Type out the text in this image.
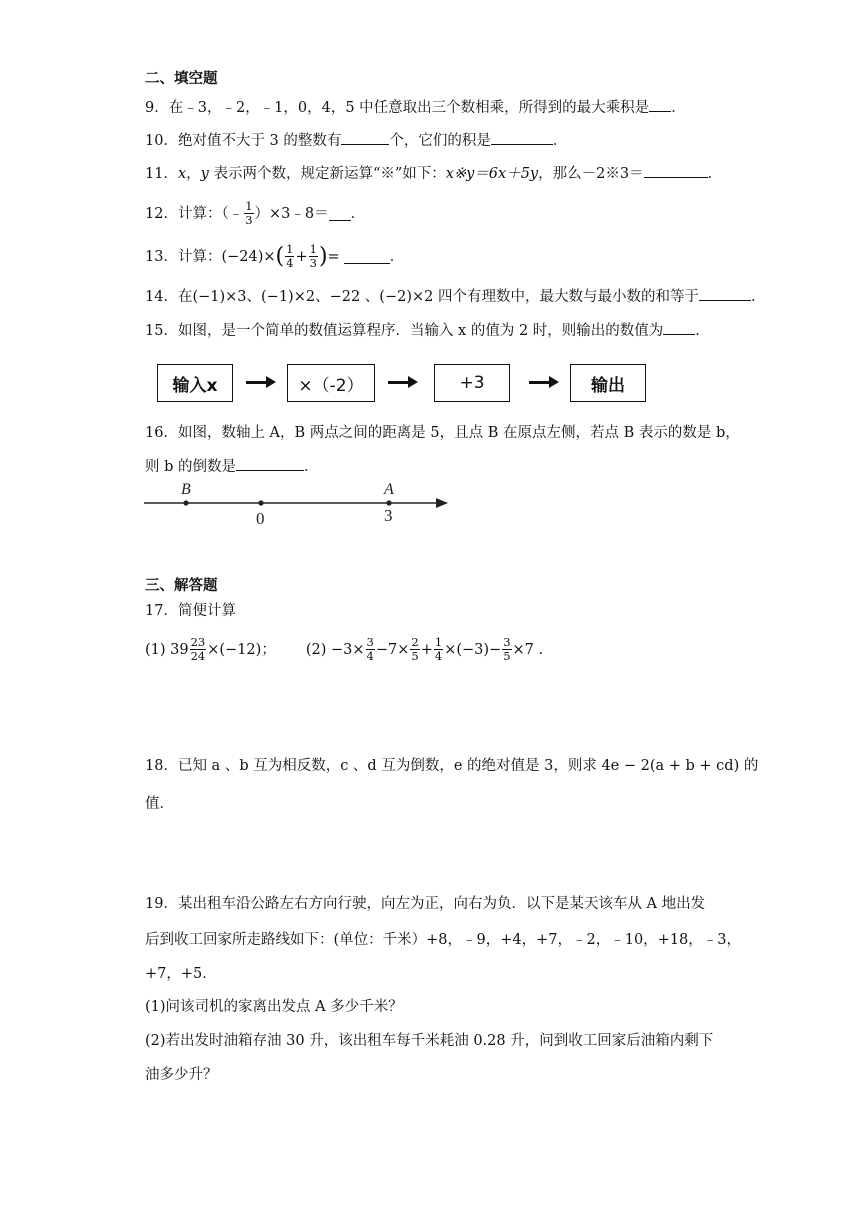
二、填空题
9．在﹣3，﹣2，﹣1，0，4，5 中任意取出三个数相乘，所得到的最大乘积是 ．
10．绝对值不大于 3 的整数有	个，它们的积是	．
11．x，y 表示两个数，规定新运算“※”如下：x※y＝6x＋5y，那么－2※3＝	．
12．计算：（﹣ $\frac{1}{3}$ ）×3﹣8＝ ．
13．计算： (−24)× ( $\frac{1}{4} + \frac{1}{3}$ ) =	．
14．在(−1)×3、(−1)×2、−22 、(−2)×2 四个有理数中，最大数与最小数的和等于	．
15．如图，是一个简单的数值运算程序．当输入 x 的值为 2 时，则输出的数值为 ．
输入x	×（-2）	+3	输出
16．如图，数轴上 A，B 两点之间的距离是 5，且点 B 在原点左侧，若点 B 表示的数是 b，
则 b 的倒数是	．
B
0
A
3
三、解答题
17．简便计算
(1) $39 \frac{23}{24} \times(-12)$； $(2) -3\times \frac{3}{4} -7\times \frac{2}{5} + \frac{1}{4} \times(-3)- \frac{3}{5} \times 7$ .
18．已知 a 、b 互为相反数，c 、d 互为倒数，e 的绝对值是 3，则求 4e − 2(a + b + cd) 的
值．
19．某出租车沿公路左右方向行驶，向左为正，向右为负．以下是某天该车从 A 地出发
后到收工回家所走路线如下：(单位：千米）+8，﹣9，+4，+7，﹣2，﹣10，+18，﹣3，
+7，+5．
(1)问该司机的家离出发点 A 多少千米？
(2)若出发时油箱存油 30 升，该出租车每千米耗油 0.28 升，问到收工回家后油箱内剩下
油多少升？
